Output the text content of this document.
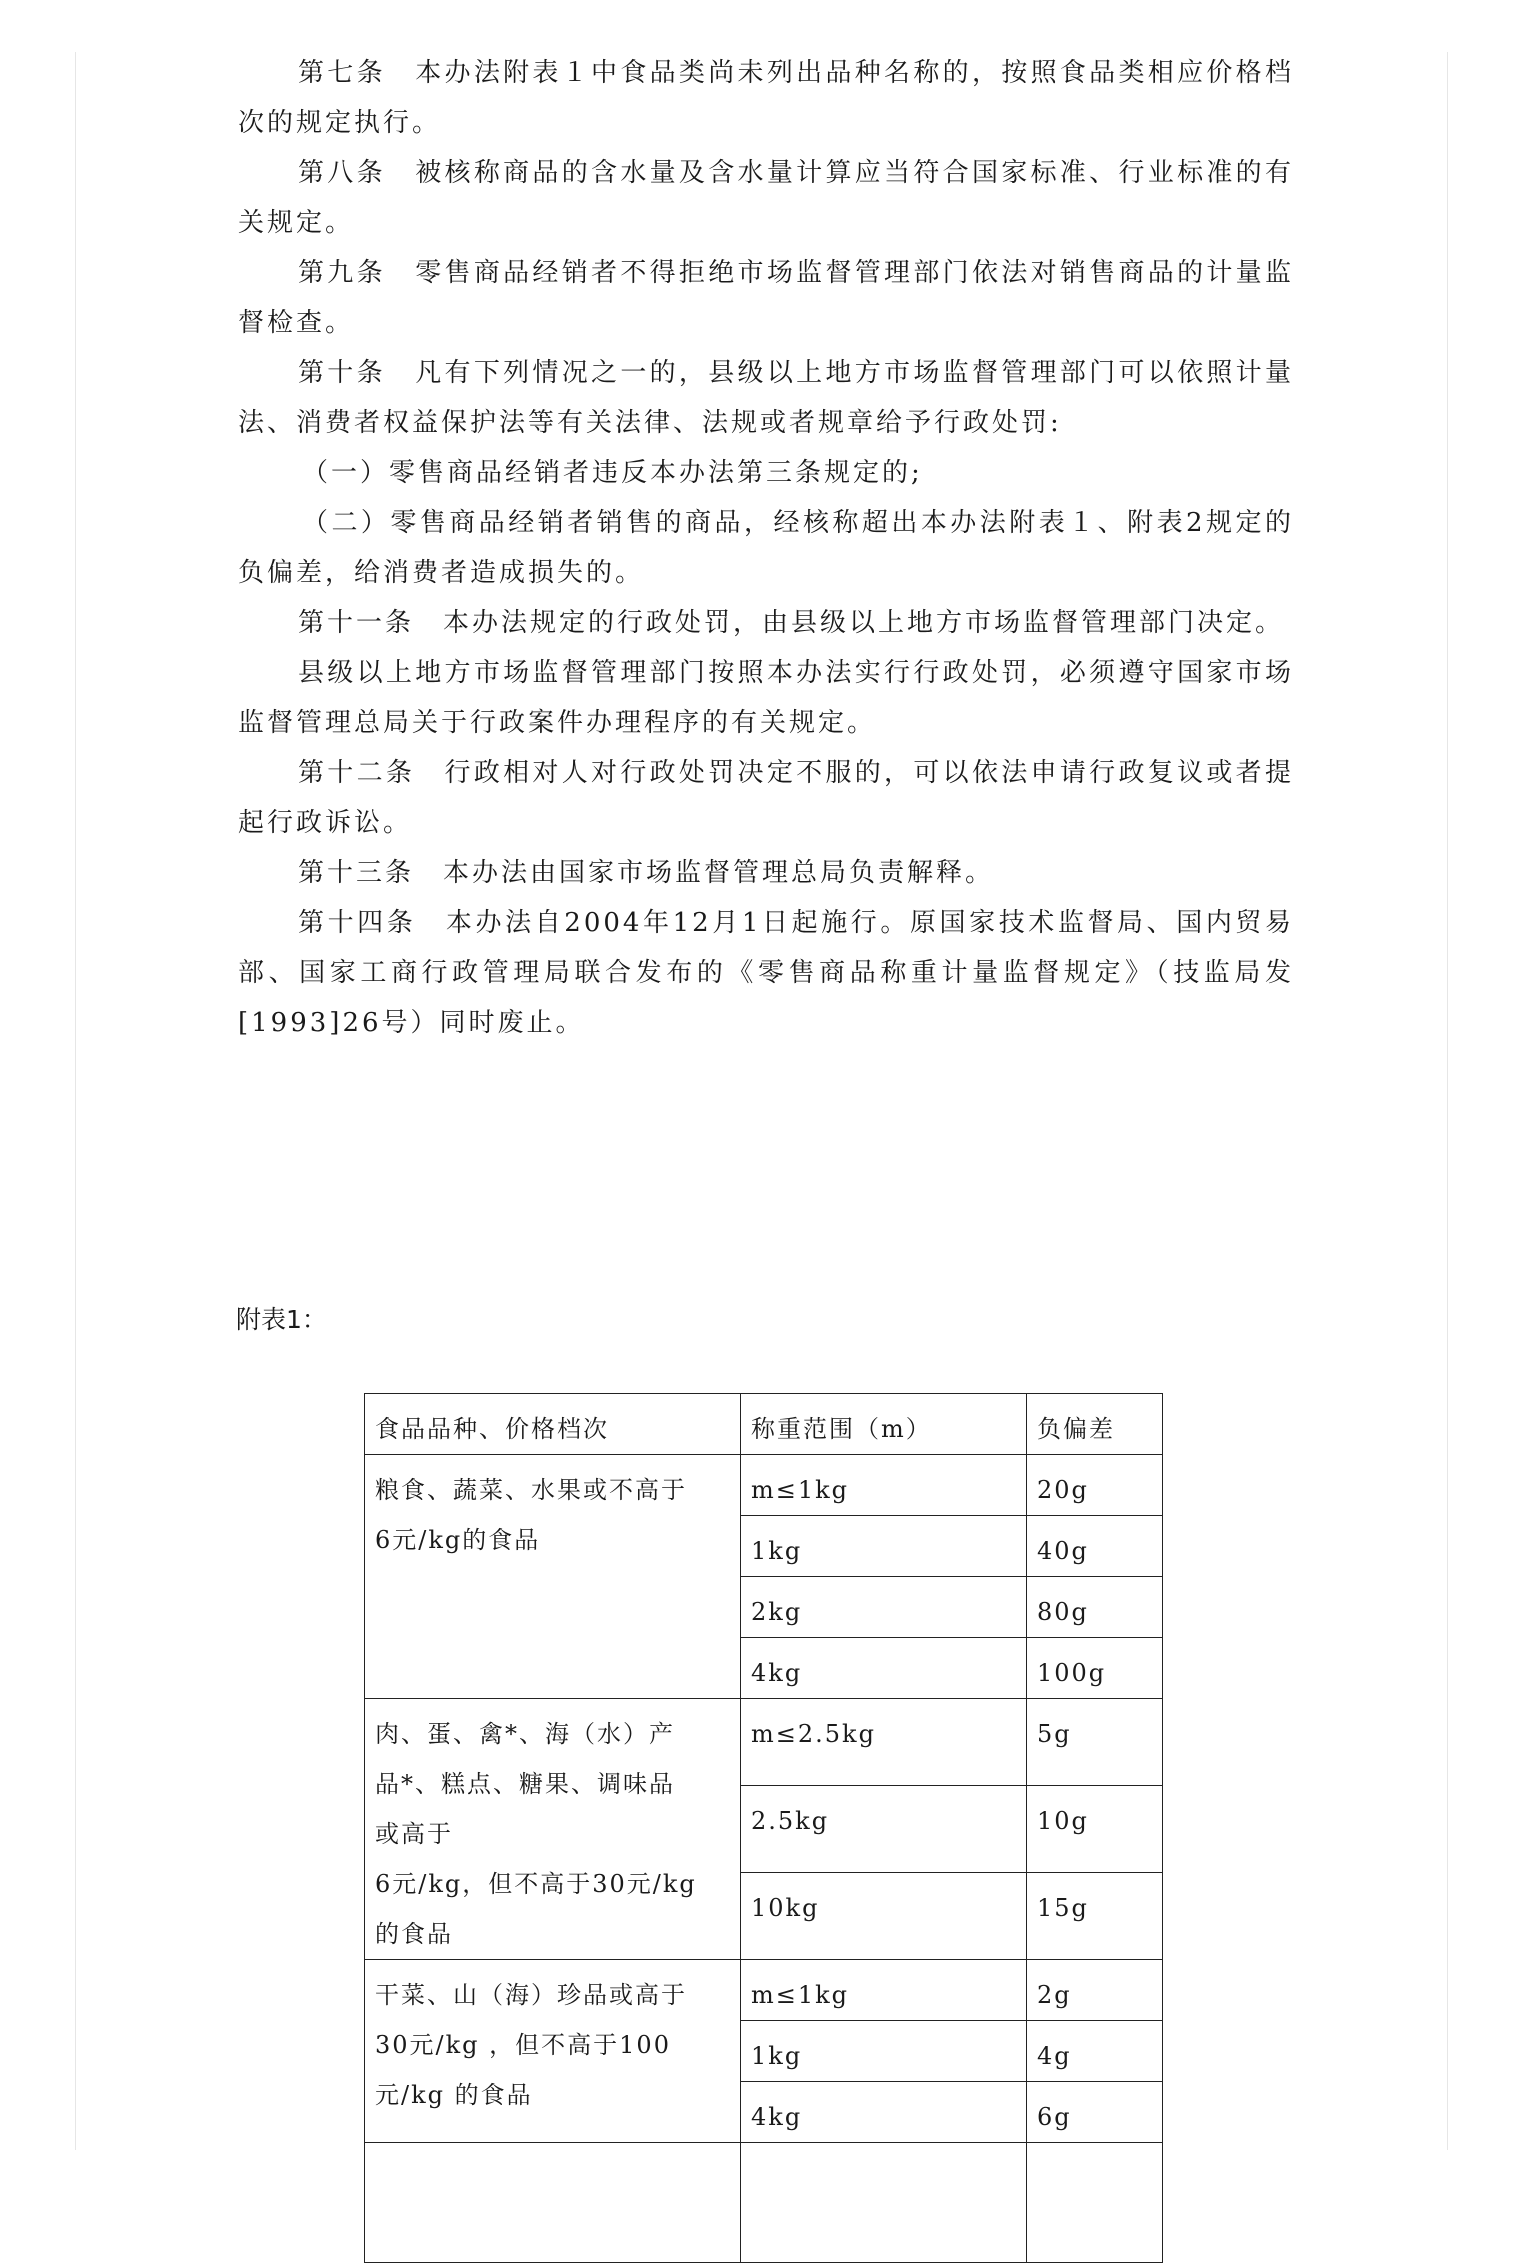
第七条　本办法附表１中食品类尚未列出品种名称的，按照食品类相应价格档次的规定执行。

第八条　被核称商品的含水量及含水量计算应当符合国家标准、行业标准的有关规定。

第九条　零售商品经销者不得拒绝市场监督管理部门依法对销售商品的计量监督检查。

第十条　凡有下列情况之一的，县级以上地方市场监督管理部门可以依照计量法、消费者权益保护法等有关法律、法规或者规章给予行政处罚:

（一）零售商品经销者违反本办法第三条规定的;

（二）零售商品经销者销售的商品，经核称超出本办法附表１、附表2规定的负偏差，给消费者造成损失的。

第十一条　本办法规定的行政处罚，由县级以上地方市场监督管理部门决定。

县级以上地方市场监督管理部门按照本办法实行行政处罚，必须遵守国家市场监督管理总局关于行政案件办理程序的有关规定。

第十二条　行政相对人对行政处罚决定不服的，可以依法申请行政复议或者提起行政诉讼。

第十三条　本办法由国家市场监督管理总局负责解释。

第十四条　本办法自2004年12月1日起施行。原国家技术监督局、国内贸易部、国家工商行政管理局联合发布的《零售商品称重计量监督规定》（技监局发[1993]26号）同时废止。

附表1：

食品品种、价格档次	称重范围（m）	负偏差

粮食、蔬菜、水果或不高于
6元/kg的食品	m≤1kg	20g
	1kg	40g
	2kg	80g
	4kg	100g

肉、蛋、禽*、海（水）产
品*、糕点、糖果、调味品
或高于
6元/kg，但不高于30元/kg
的食品	m≤2.5kg	5g
	2.5kg	10g
	10kg	15g

干菜、山（海）珍品或高于
30元/kg ，但不高于100
元/kg 的食品	m≤1kg	2g
	1kg	4g
	4kg	6g
